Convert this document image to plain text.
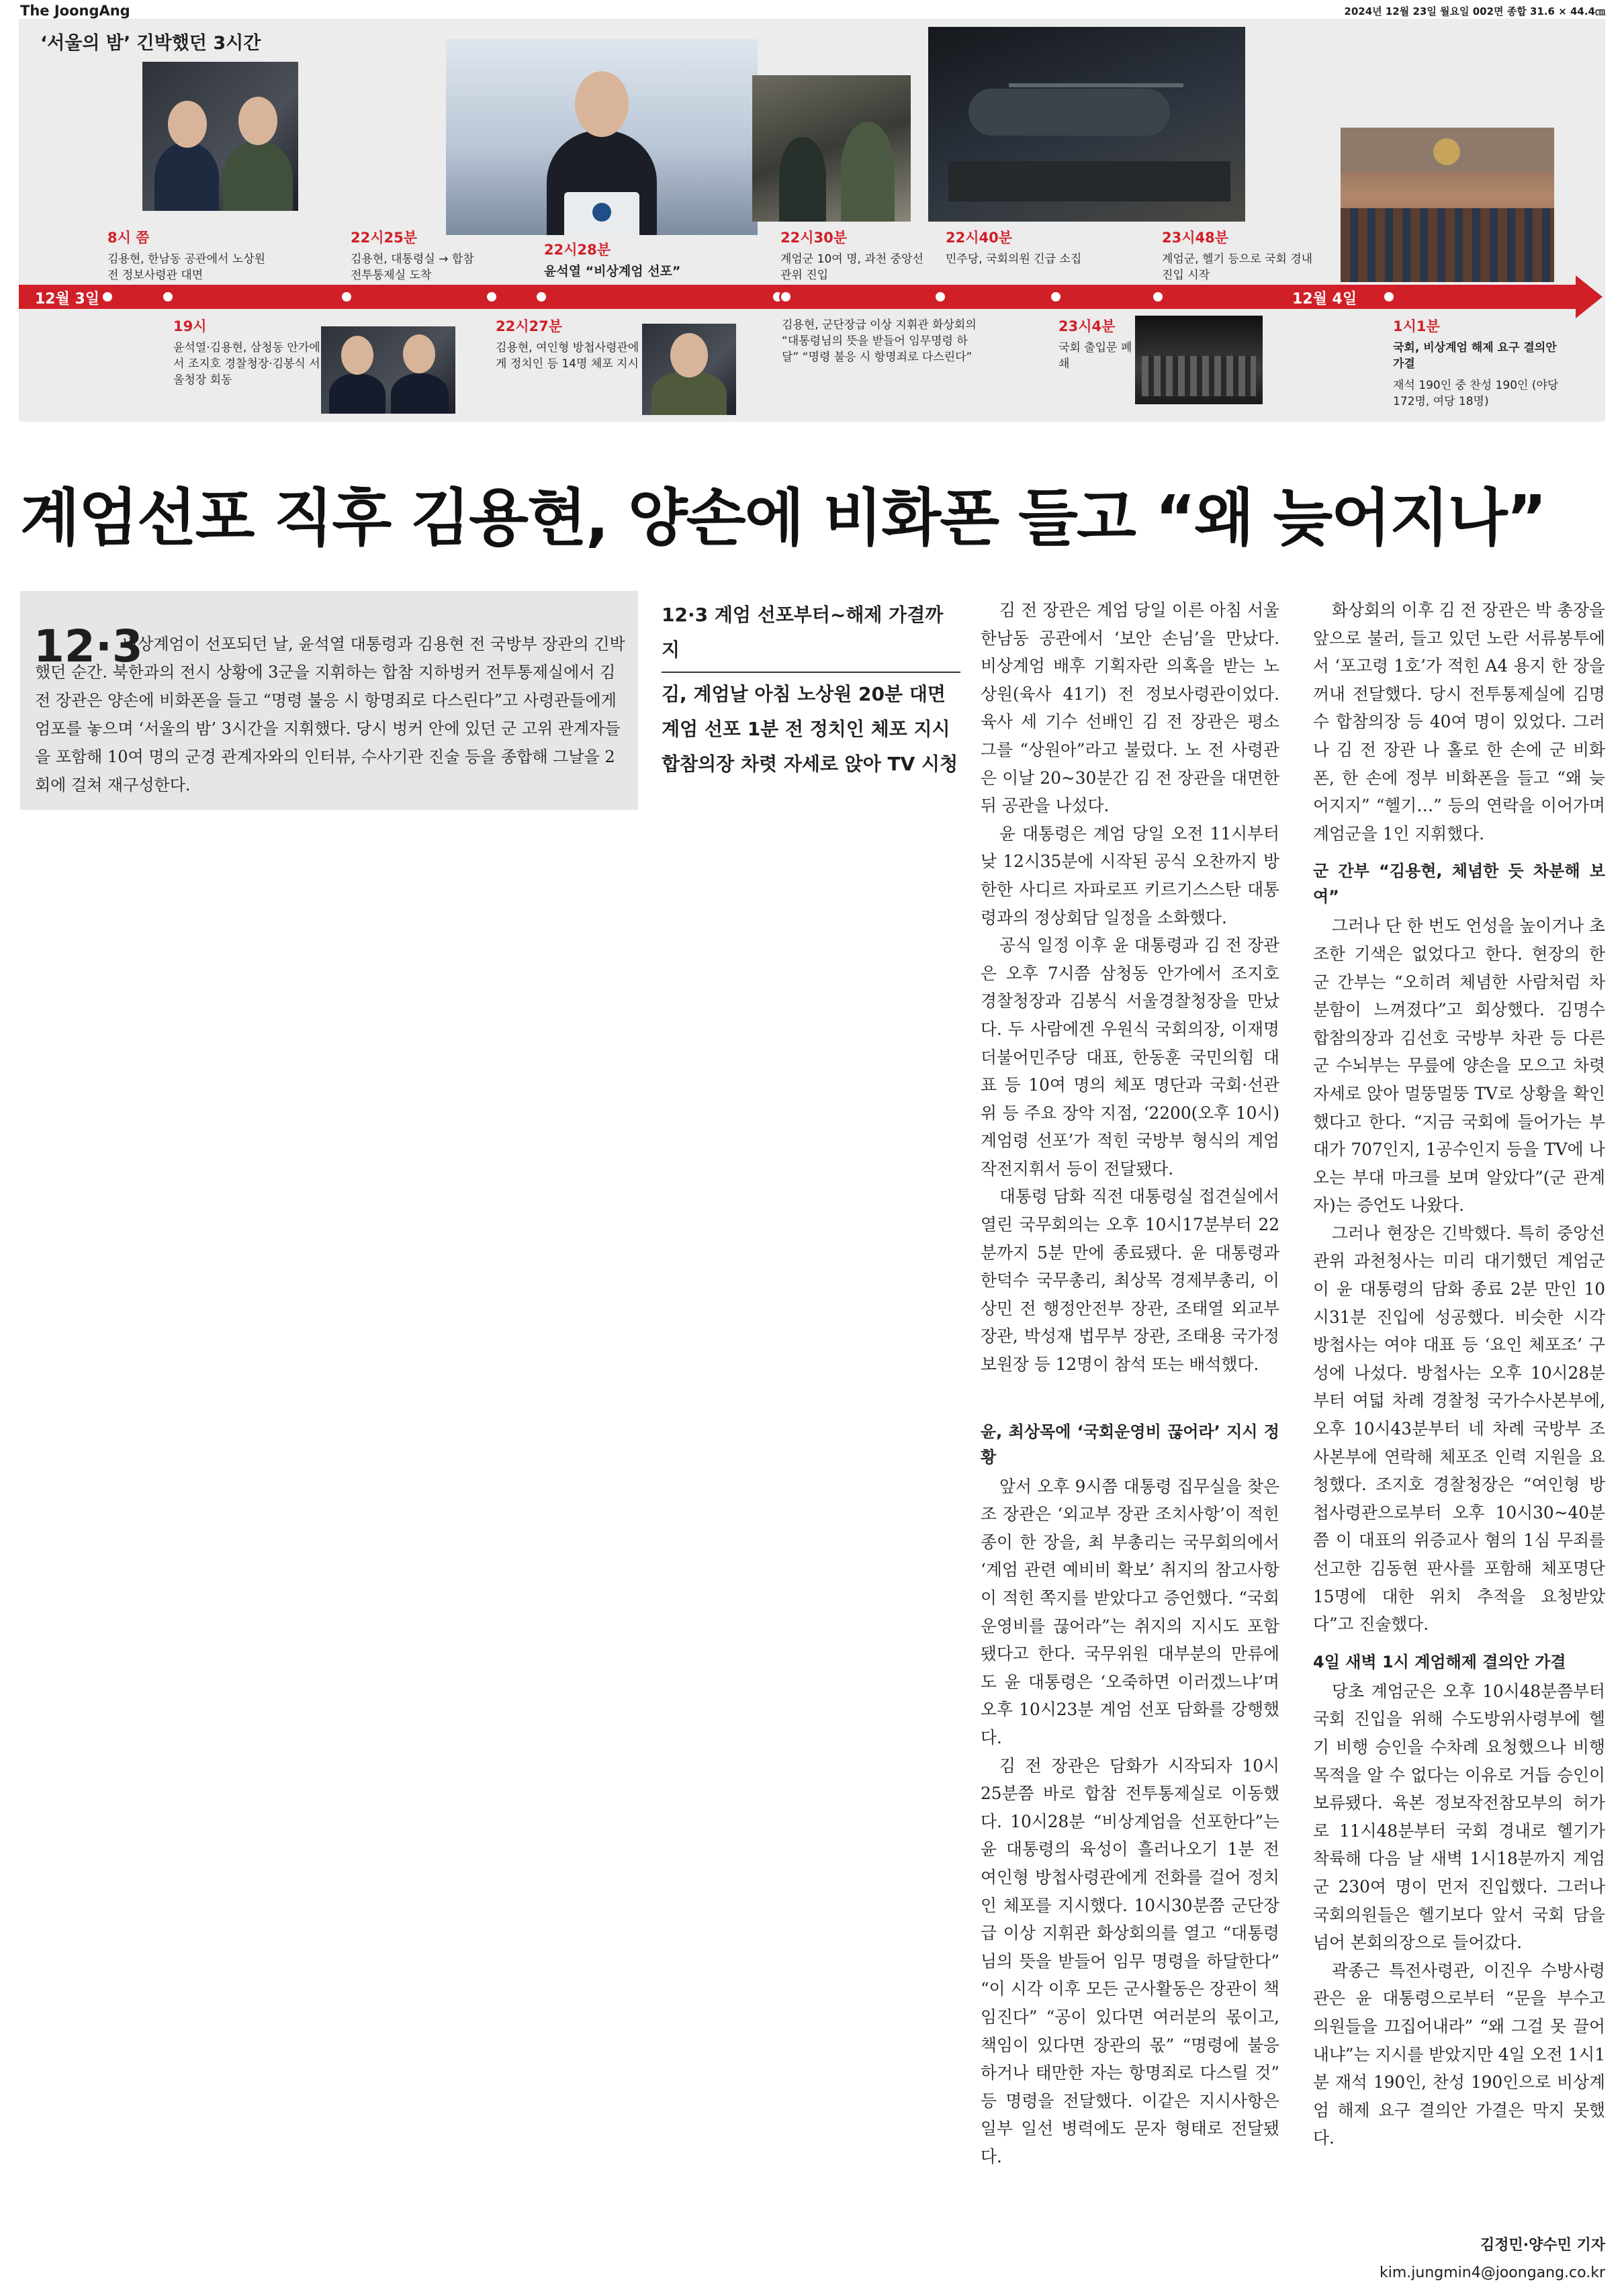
The JoongAng	2024년 12월 23일 월요일 002면 종합 31.6 × 44.4㎝
‘서울의 밤’ 긴박했던 3시간
12월 3일	12월 4일
8시 쯤
김용현, 한남동 공관에서 노상원 전 정보사령관 대면
22시25분
김용현, 대통령실 → 합참 전투통제실 도착
22시28분
윤석열 “비상계엄 선포”
22시30분
계엄군 10여 명, 과천 중앙선관위 진입
22시40분
민주당, 국회의원 긴급 소집
23시48분
계엄군, 헬기 등으로 국회 경내 진입 시작
19시
윤석열·김용현, 삼청동 안가에서 조지호 경찰청장·김봉식 서울청장 회동
22시27분
김용현, 여인형 방첩사령관에게 정치인 등 14명 체포 지시
김용현, 군단장급 이상 지휘관 화상회의 “대통령님의 뜻을 받들어 임무명령 하달” “명령 불응 시 항명죄로 다스린다”
23시4분
국회 출입문 폐쇄
1시1분
국회, 비상계엄 해제 요구 결의안 가결
재석 190인 중 찬성 190인 (야당 172명, 여당 18명)
계엄선포 직후 김용현, 양손에 비화폰 들고 “왜 늦어지나”
비상계엄이 선포되던 날, 윤석열 대통령과 김용현 전 국방부 장관의 긴박했던 순간. 북한과의 전시 상황에 3군을 지휘하는 합참 지하벙커 전투통제실에서 김 전 장관은 양손에 비화폰을 들고 “명령 불응 시 항명죄로 다스린다”고 사령관들에게 엄포를 놓으며 ‘서울의 밤’ 3시간을 지휘했다. 당시 벙커 안에 있던 군 고위 관계자들을 포함해 10여 명의 군경 관계자와의 인터뷰, 수사기관 진술 등을 종합해 그날을 2회에 걸쳐 재구성한다.
12·3
12·3 계엄 선포부터~해제 가결까지
김, 계엄날 아침 노상원 20분 대면
계엄 선포 1분 전 정치인 체포 지시
합참의장 차렷 자세로 앉아 TV 시청

김 전 장관은 계엄 당일 이른 아침 서울 한남동 공관에서 ‘보안 손님’을 만났다. 비상계엄 배후 기획자란 의혹을 받는 노상원(육사 41기) 전 정보사령관이었다. 육사 세 기수 선배인 김 전 장관은 평소 그를 “상원아”라고 불렀다. 노 전 사령관은 이날 20~30분간 김 전 장관을 대면한 뒤 공관을 나섰다.

윤 대통령은 계엄 당일 오전 11시부터 낮 12시35분에 시작된 공식 오찬까지 방한한 사디르 자파로프 키르기스스탄 대통령과의 정상회담 일정을 소화했다.

공식 일정 이후 윤 대통령과 김 전 장관은 오후 7시쯤 삼청동 안가에서 조지호 경찰청장과 김봉식 서울경찰청장을 만났다. 두 사람에겐 우원식 국회의장, 이재명 더불어민주당 대표, 한동훈 국민의힘 대표 등 10여 명의 체포 명단과 국회·선관위 등 주요 장악 지점, ‘2200(오후 10시) 계엄령 선포’가 적힌 국방부 형식의 계엄 작전지휘서 등이 전달됐다.

대통령 담화 직전 대통령실 접견실에서 열린 국무회의는 오후 10시17분부터 22분까지 5분 만에 종료됐다. 윤 대통령과 한덕수 국무총리, 최상목 경제부총리, 이상민 전 행정안전부 장관, 조태열 외교부 장관, 박성재 법무부 장관, 조태용 국가정보원장 등 12명이 참석 또는 배석했다.

윤, 최상목에 ‘국회운영비 끊어라’ 지시 정황

앞서 오후 9시쯤 대통령 집무실을 찾은 조 장관은 ‘외교부 장관 조치사항’이 적힌 종이 한 장을, 최 부총리는 국무회의에서 ‘계엄 관련 예비비 확보’ 취지의 참고사항이 적힌 쪽지를 받았다고 증언했다. “국회 운영비를 끊어라”는 취지의 지시도 포함됐다고 한다. 국무위원 대부분의 만류에도 윤 대통령은 ‘오죽하면 이러겠느냐’며 오후 10시23분 계엄 선포 담화를 강행했다.

김 전 장관은 담화가 시작되자 10시 25분쯤 바로 합참 전투통제실로 이동했다. 10시28분 “비상계엄을 선포한다”는 윤 대통령의 육성이 흘러나오기 1분 전 여인형 방첩사령관에게 전화를 걸어 정치인 체포를 지시했다. 10시30분쯤 군단장급 이상 지휘관 화상회의를 열고 “대통령님의 뜻을 받들어 임무 명령을 하달한다” “이 시각 이후 모든 군사활동은 장관이 책임진다” “공이 있다면 여러분의 몫이고, 책임이 있다면 장관의 몫” “명령에 불응하거나 태만한 자는 항명죄로 다스릴 것” 등 명령을 전달했다. 이같은 지시사항은 일부 일선 병력에도 문자 형태로 전달됐다.

화상회의 이후 김 전 장관은 박 총장을 앞으로 불러, 들고 있던 노란 서류봉투에서 ‘포고령 1호’가 적힌 A4 용지 한 장을 꺼내 전달했다. 당시 전투통제실에 김명수 합참의장 등 40여 명이 있었다. 그러나 김 전 장관 나 홀로 한 손에 군 비화폰, 한 손에 정부 비화폰을 들고 “왜 늦어지지” “헬기…” 등의 연락을 이어가며 계엄군을 1인 지휘했다.

군 간부 “김용현, 체념한 듯 차분해 보여”

그러나 단 한 번도 언성을 높이거나 초조한 기색은 없었다고 한다. 현장의 한 군 간부는 “오히려 체념한 사람처럼 차분함이 느껴졌다”고 회상했다. 김명수 합참의장과 김선호 국방부 차관 등 다른 군 수뇌부는 무릎에 양손을 모으고 차렷 자세로 앉아 멀뚱멀뚱 TV로 상황을 확인했다고 한다. “지금 국회에 들어가는 부대가 707인지, 1공수인지 등을 TV에 나오는 부대 마크를 보며 알았다”(군 관계자)는 증언도 나왔다.

그러나 현장은 긴박했다. 특히 중앙선관위 과천청사는 미리 대기했던 계엄군이 윤 대통령의 담화 종료 2분 만인 10시31분 진입에 성공했다. 비슷한 시각 방첩사는 여야 대표 등 ‘요인 체포조’ 구성에 나섰다. 방첩사는 오후 10시28분부터 여덟 차례 경찰청 국가수사본부에, 오후 10시43분부터 네 차례 국방부 조사본부에 연락해 체포조 인력 지원을 요청했다. 조지호 경찰청장은 “여인형 방첩사령관으로부터 오후 10시30~40분쯤 이 대표의 위증교사 혐의 1심 무죄를 선고한 김동현 판사를 포함해 체포명단 15명에 대한 위치 추적을 요청받았다”고 진술했다.

4일 새벽 1시 계엄해제 결의안 가결

당초 계엄군은 오후 10시48분쯤부터 국회 진입을 위해 수도방위사령부에 헬기 비행 승인을 수차례 요청했으나 비행 목적을 알 수 없다는 이유로 거듭 승인이 보류됐다. 육본 정보작전참모부의 허가로 11시48분부터 국회 경내로 헬기가 착륙해 다음 날 새벽 1시18분까지 계엄군 230여 명이 먼저 진입했다. 그러나 국회의원들은 헬기보다 앞서 국회 담을 넘어 본회의장으로 들어갔다.

곽종근 특전사령관, 이진우 수방사령관은 윤 대통령으로부터 “문을 부수고 의원들을 끄집어내라” “왜 그걸 못 끌어내냐”는 지시를 받았지만 4일 오전 1시1분 재석 190인, 찬성 190인으로 비상계엄 해제 요구 결의안 가결은 막지 못했다.

김정민·양수민 기자
kim.jungmin4@joongang.co.kr
